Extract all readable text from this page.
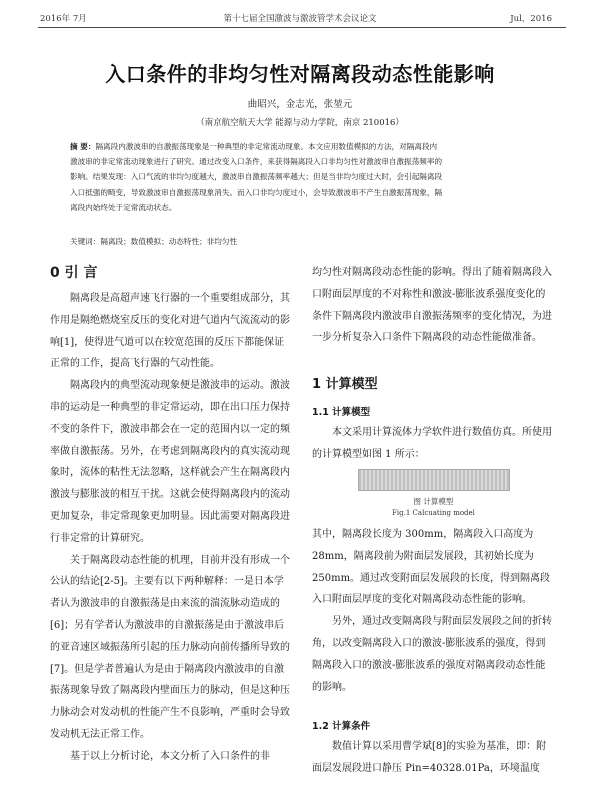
2016年 7月	第十七届全国激波与激波管学术会议论文	Jul，2016
入口条件的非均匀性对隔离段动态性能影响
曲昭兴，金志光，张堃元
（南京航空航天大学 能源与动力学院，南京 210016）
摘 要：隔离段内激波串的自激振荡现象是一种典型的非定常流动现象。本文应用数值模拟的方法，对隔离段内
激波串的非定常流动现象进行了研究。通过改变入口条件，来获得隔离段入口非均匀性对激波串自激振荡频率的
影响。结果发现：入口气流的非均匀度越大，激波串自激振荡频率越大；但是当非均匀度过大时，会引起隔离段
入口抵强的畸变，导致激波串自激振荡现象消失。而入口非均匀度过小，会导致激波串不产生自激振荡现象，隔
离段内始终处于定常流动状态。
关键词：隔离段；数值模拟；动态特性；非均匀性
0 引 言

隔离段是高超声速飞行器的一个重要组成部分，其作用是隔绝燃烧室反压的变化对进气道内气流流动的影响[1]，使得进气道可以在较宽范围的反压下都能保证正常的工作，提高飞行器的气动性能。

隔离段内的典型流动现象便是激波串的运动。激波串的运动是一种典型的非定常运动，即在出口压力保持不变的条件下，激波串都会在一定的范围内以一定的频率做自激振荡。另外，在考虑到隔离段内的真实流动现象时，流体的粘性无法忽略，这样就会产生在隔离段内激波与膨胀波的相互干扰。这就会使得隔离段内的流动更加复杂，非定常现象更加明显。因此需要对隔离段进行非定常的计算研究。

关于隔离段动态性能的机理，目前并没有形成一个公认的结论[2-5]。主要有以下两种解释：一是日本学者认为激波串的自激振荡是由来流的湍流脉动造成的[6]；另有学者认为激波串的自激振荡是由于激波串后的亚音速区域振荡所引起的压力脉动向前传播所导致的[7]。但是学者普遍认为是由于隔离段内激波串的自激振荡现象导致了隔离段内壁面压力的脉动，但是这种压力脉动会对发动机的性能产生不良影响，严重时会导致发动机无法正常工作。

基于以上分析讨论，本文分析了入口条件的非

均匀性对隔离段动态性能的影响。得出了随着隔离段入口附面层厚度的不对称性和激波-膨胀波系强度变化的条件下隔离段内激波串自激振荡频率的变化情况，为进一步分析复杂入口条件下隔离段的动态性能做准备。

1 计算模型
1.1 计算模型

本文采用计算流体力学软件进行数值仿真。所使用的计算模型如图 1 所示：

图 计算模型
Fig.1 Calcuating model

其中，隔离段长度为 300mm，隔离段入口高度为 28mm，隔离段前为附面层发展段，其初始长度为 250mm。通过改变附面层发展段的长度，得到隔离段入口附面层厚度的变化对隔离段动态性能的影响。

另外，通过改变隔离段与附面层发展段之间的折转角，以改变隔离段入口的激波-膨胀波系的强度，得到隔离段入口的激波-膨胀波系的强度对隔离段动态性能的影响。

1.2 计算条件

数值计算以采用曹学斌[8]的实验为基准，即：附面层发展段进口静压 Pin=40328.01Pa，环境温度
